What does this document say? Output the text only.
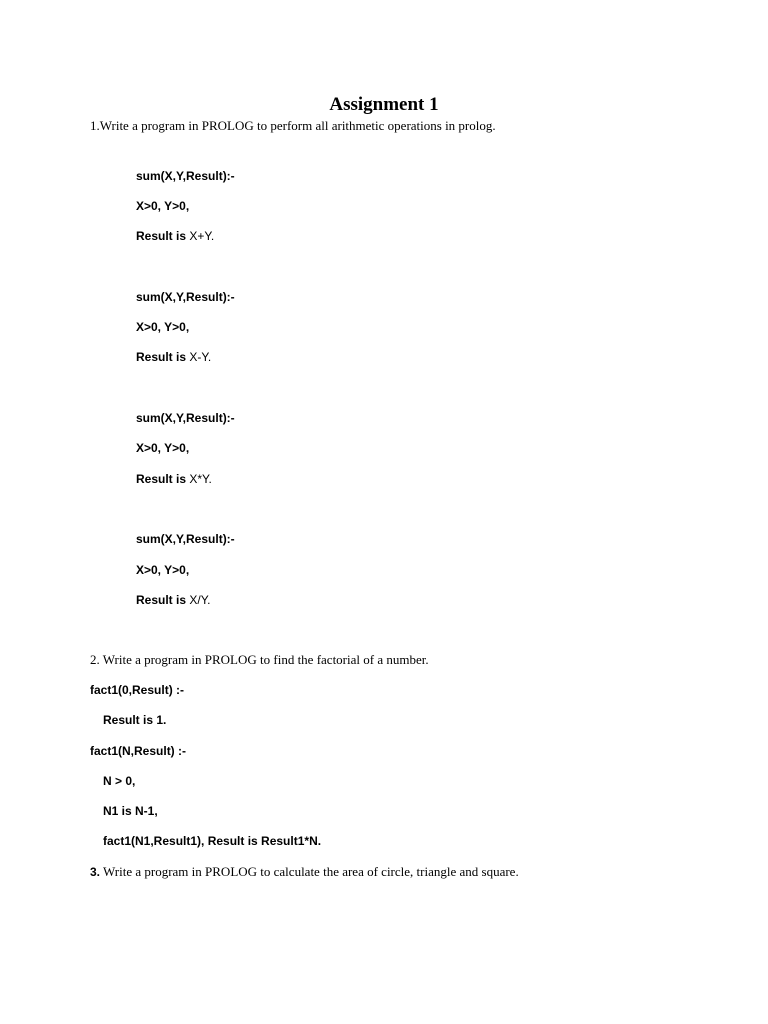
Assignment 1
1.Write a program in PROLOG to perform all arithmetic operations in prolog.
sum(X,Y,Result):-
X>0, Y>0,
Result is X+Y.
sum(X,Y,Result):-
X>0, Y>0,
Result is X-Y.
sum(X,Y,Result):-
X>0, Y>0,
Result is X*Y.
sum(X,Y,Result):-
X>0, Y>0,
Result is X/Y.
2. Write a program in PROLOG to find the factorial of a number.
fact1(0,Result) :-
Result is 1.
fact1(N,Result) :-
N > 0,
N1 is N-1,
fact1(N1,Result1), Result is Result1*N.
3. Write a program in PROLOG to calculate the area of circle, triangle and square.
